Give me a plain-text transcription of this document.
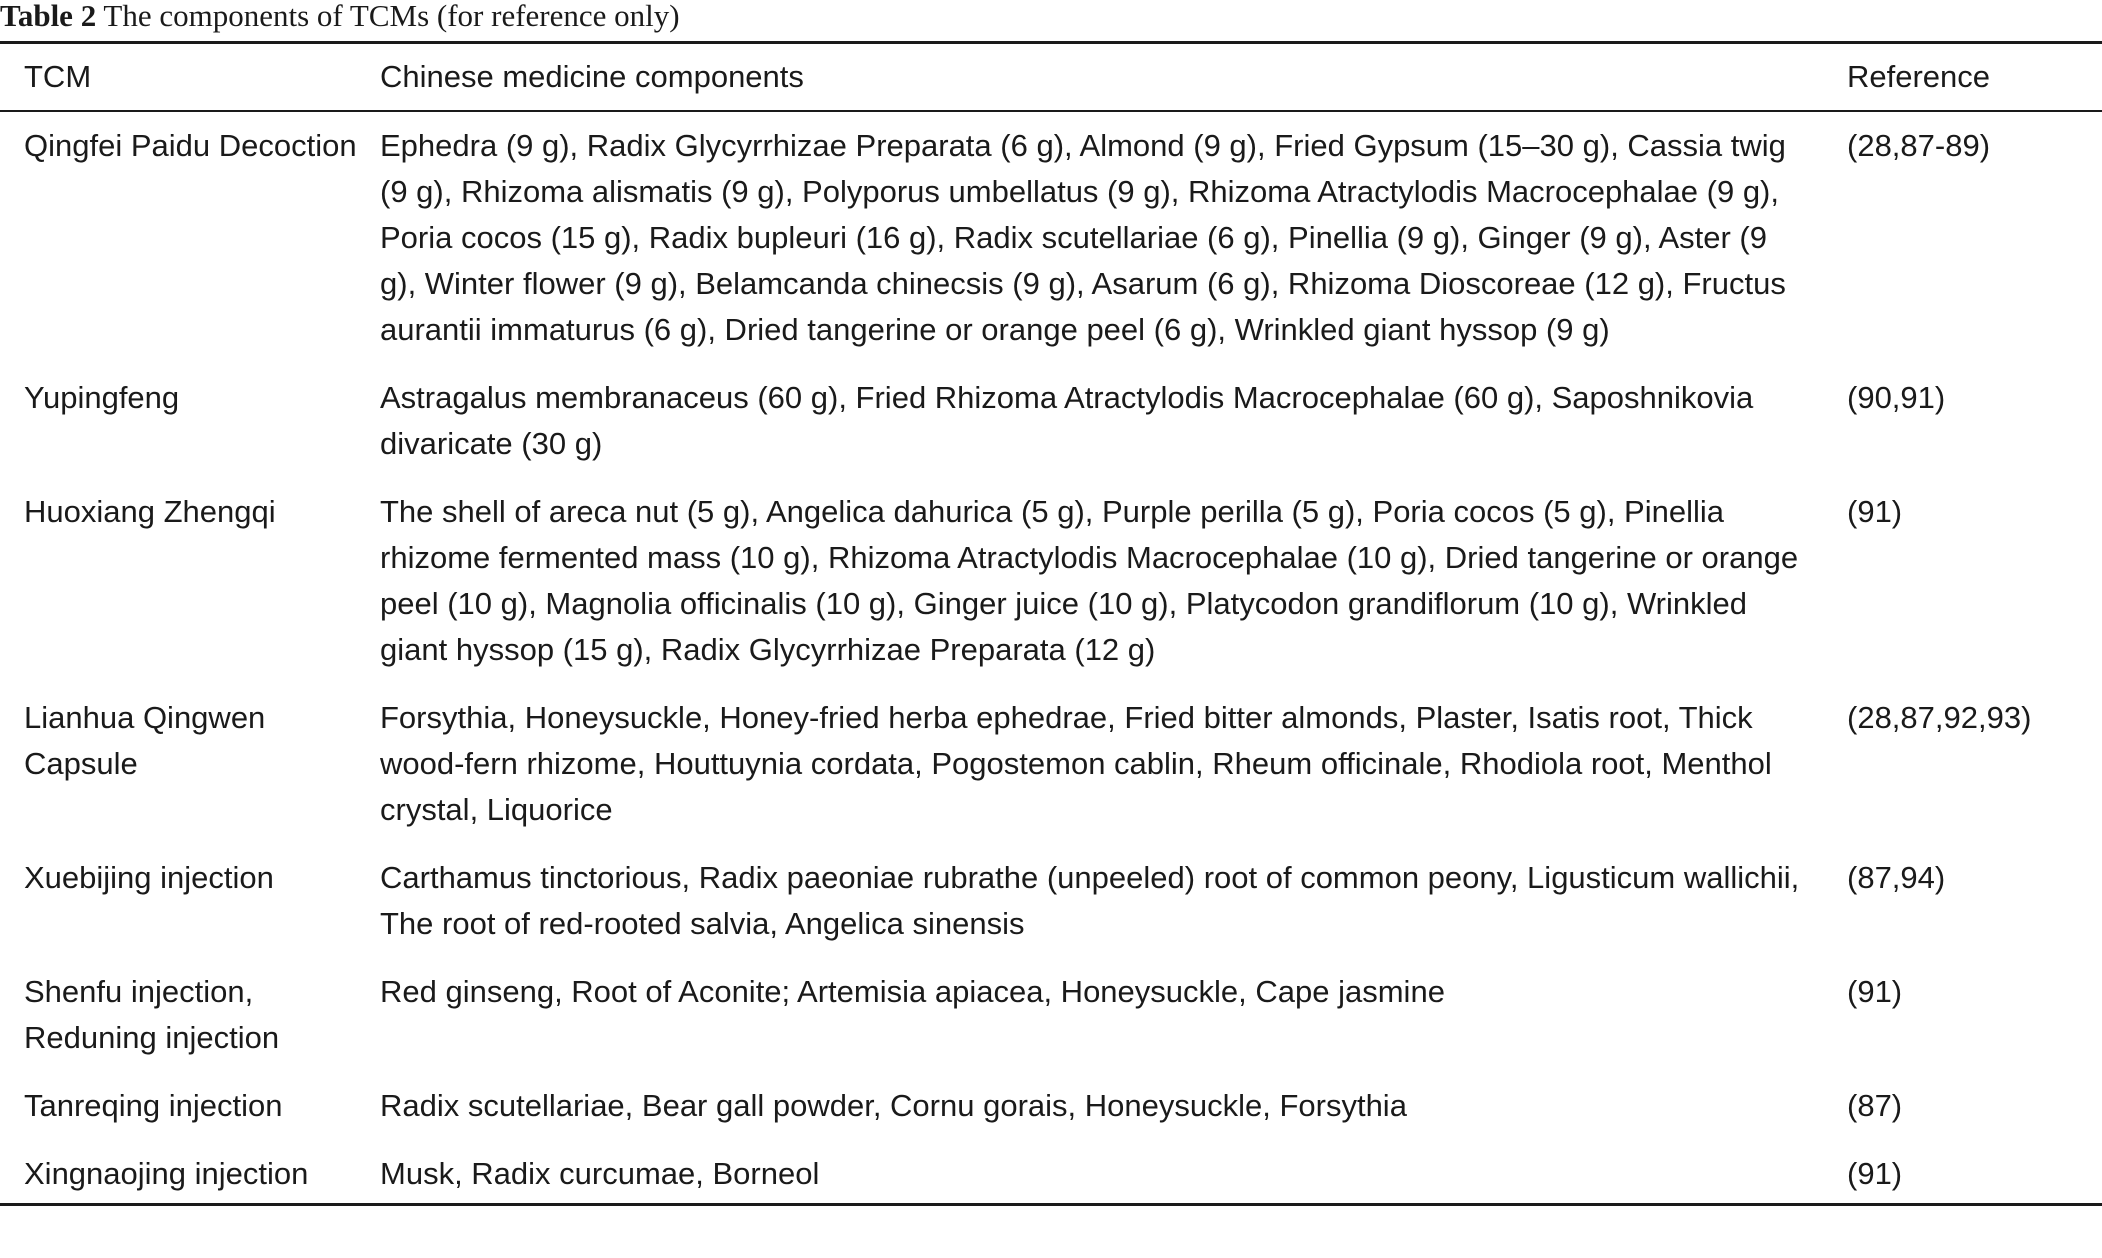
Table 2 The components of TCMs (for reference only)
TCM	Chinese medicine components	Reference
Qingfei Paidu Decoction	Ephedra (9 g), Radix Glycyrrhizae Preparata (6 g), Almond (9 g), Fried Gypsum (15–30 g), Cassia twig (9 g), Rhizoma alismatis (9 g), Polyporus umbellatus (9 g), Rhizoma Atractylodis Macrocephalae (9 g), Poria cocos (15 g), Radix bupleuri (16 g), Radix scutellariae (6 g), Pinellia (9 g), Ginger (9 g), Aster (9 g), Winter flower (9 g), Belamcanda chinecsis (9 g), Asarum (6 g), Rhizoma Dioscoreae (12 g), Fructus aurantii immaturus (6 g), Dried tangerine or orange peel (6 g), Wrinkled giant hyssop (9 g)	(28,87-89)
Yupingfeng	Astragalus membranaceus (60 g), Fried Rhizoma Atractylodis Macrocephalae (60 g), Saposhnikovia divaricate (30 g)	(90,91)
Huoxiang Zhengqi	The shell of areca nut (5 g), Angelica dahurica (5 g), Purple perilla (5 g), Poria cocos (5 g), Pinellia rhizome fermented mass (10 g), Rhizoma Atractylodis Macrocephalae (10 g), Dried tangerine or orange peel (10 g), Magnolia officinalis (10 g), Ginger juice (10 g), Platycodon grandiflorum (10 g), Wrinkled giant hyssop (15 g), Radix Glycyrrhizae Preparata (12 g)	(91)
Lianhua Qingwen Capsule	Forsythia, Honeysuckle, Honey-fried herba ephedrae, Fried bitter almonds, Plaster, Isatis root, Thick wood-fern rhizome, Houttuynia cordata, Pogostemon cablin, Rheum officinale, Rhodiola root, Menthol crystal, Liquorice	(28,87,92,93)
Xuebijing injection	Carthamus tinctorious, Radix paeoniae rubrathe (unpeeled) root of common peony, Ligusticum wallichii, The root of red-rooted salvia, Angelica sinensis	(87,94)
Shenfu injection, Reduning injection	Red ginseng, Root of Aconite; Artemisia apiacea, Honeysuckle, Cape jasmine	(91)
Tanreqing injection	Radix scutellariae, Bear gall powder, Cornu gorais, Honeysuckle, Forsythia	(87)
Xingnaojing injection	Musk, Radix curcumae, Borneol	(91)
